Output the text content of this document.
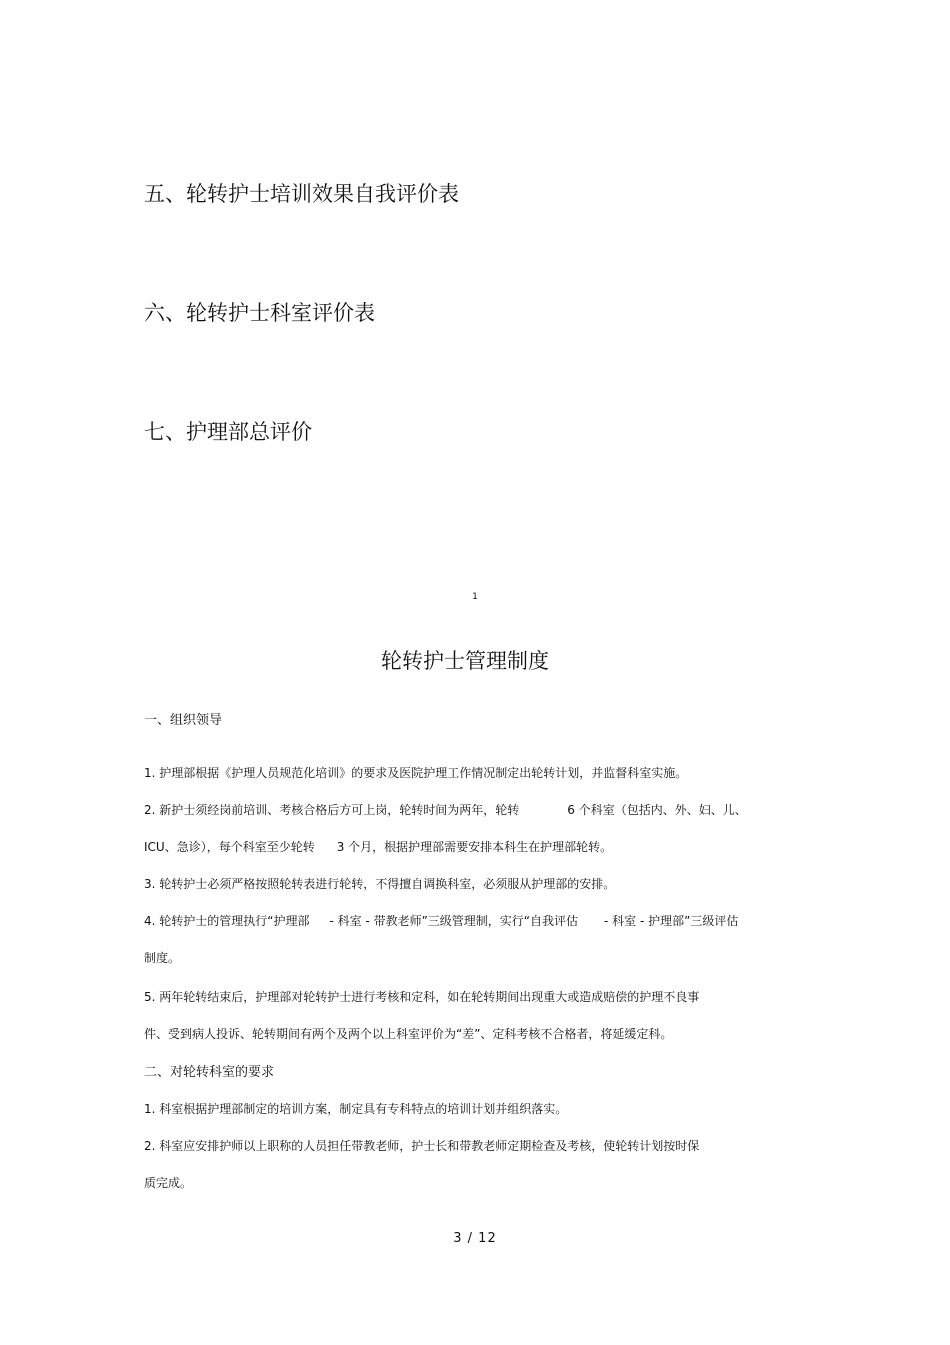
五、轮转护士培训效果自我评价表
六、轮转护士科室评价表
七、护理部总评价
1
轮转护士管理制度
一、组织领导
1. 护理部根据《护理人员规范化培训》的要求及医院护理工作情况制定出轮转计划，并监督科室实施。
2. 新护士须经岗前培训、考核合格后方可上岗，轮转时间为两年，轮转	6 个科室（包括内、外、妇、儿、
ICU、急诊），每个科室至少轮转 3 个月，根据护理部需要安排本科生在护理部轮转。
3. 轮转护士必须严格按照轮转表进行轮转，不得擅自调换科室，必须服从护理部的安排。
4. 轮转护士的管理执行“护理部 - 科室 - 带教老师”三级管理制，实行“自我评估 - 科室 - 护理部”三级评估
制度。
5. 两年轮转结束后，护理部对轮转护士进行考核和定科，如在轮转期间出现重大或造成赔偿的护理不良事
件、受到病人投诉、轮转期间有两个及两个以上科室评价为“差”、定科考核不合格者，将延缓定科。
二、对轮转科室的要求
1. 科室根据护理部制定的培训方案，制定具有专科特点的培训计划并组织落实。
2. 科室应安排护师以上职称的人员担任带教老师，护士长和带教老师定期检查及考核，使轮转计划按时保
质完成。
3 / 12
